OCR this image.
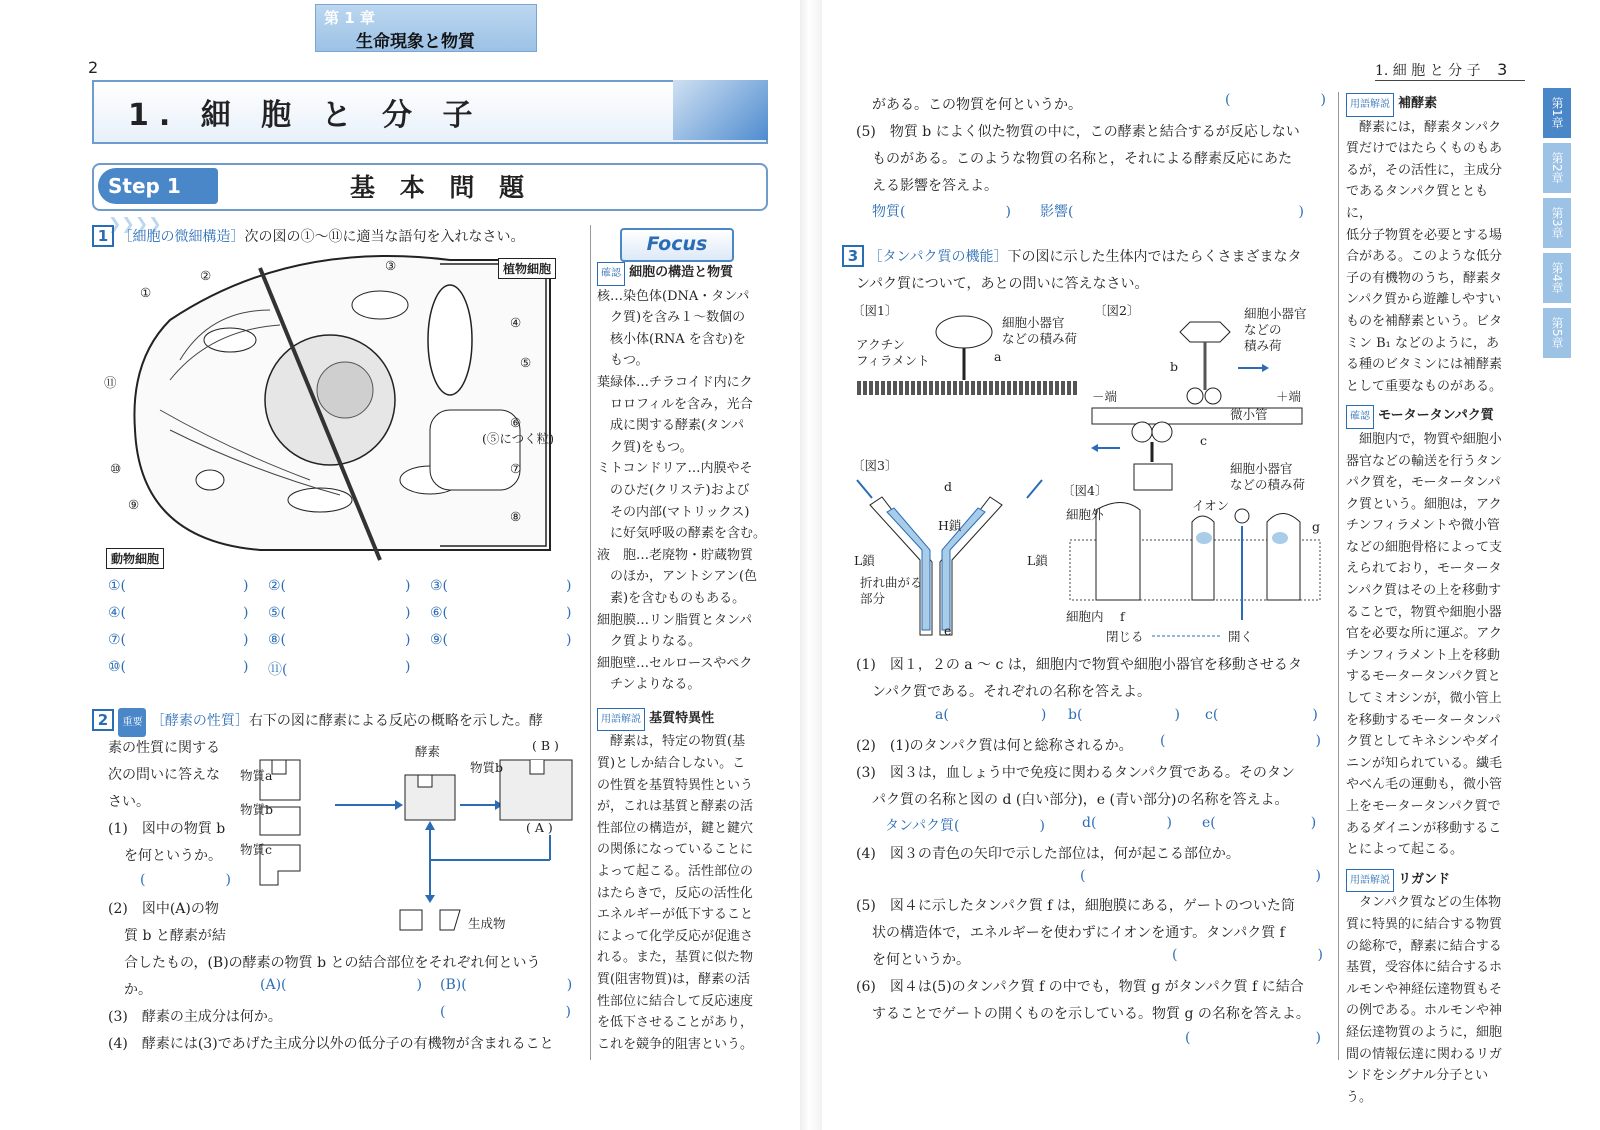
第 1 章
生命現象と物質
2
1. 細 胞 と 分 子
Step 1 ❯❯❯❯
基 本 問 題
1 ［細胞の微細構造］次の図の①～⑪に適当な語句を入れなさい。
植物細胞
動物細胞
①
②
③
④
⑤
⑥
(⑤につく粒)
⑦
⑧
⑨
⑩
⑪
①(	) ②(	) ③(	)
④(	) ⑤(	) ⑥(	)
⑦(	) ⑧(	) ⑨(	)
⑩(	) ⑪(	)
2 重要 ［酵素の性質］右下の図に酵素による反応の概略を示した。酵
素の性質に関する
次の問いに答えな
さい。
(1)　図中の物質 b
を何というか。
(	)
(2)　図中(A)の物
質 b と酵素が結
合したもの，(B)の酵素の物質 b との結合部位をそれぞれ何という
か。	(A)(	) (B)(	)
(3)　酵素の主成分は何か。	(	)
(4)　酵素には(3)であげた主成分以外の低分子の有機物が含まれること
物質a
物質b
物質c
酵素
物質b
( B )
( A )
生成物
Focus
確認 細胞の構造と物質
核…染色体(DNA・タンパ
　ク質)を含み１～数個の
　核小体(RNA を含む)を
　もつ。
葉緑体…チラコイド内にク
　ロロフィルを含み，光合
　成に関する酵素(タンパ
　ク質)をもつ。
ミトコンドリア…内膜やそ
　のひだ(クリステ)および
　その内部(マトリックス)
　に好気呼吸の酵素を含む。
液　胞…老廃物・貯蔵物質
　のほか，アントシアン(色
　素)を含むものもある。
細胞膜…リン脂質とタンパ
　ク質よりなる。
細胞壁…セルロースやペク
　チンよりなる。
用語解説 基質特異性
　酵素は，特定の物質(基
質)としか結合しない。こ
の性質を基質特異性という
が，これは基質と酵素の活
性部位の構造が，鍵と鍵穴
の関係になっていることに
よって起こる。活性部位の
はたらきで，反応の活性化
エネルギーが低下すること
によって化学反応が促進さ
れる。また，基質に似た物
質(阻害物質)は，酵素の活
性部位に結合して反応速度
を低下させることがあり，
これを競争的阻害という。
1. 細 胞 と 分 子 3
がある。この物質を何というか。	(	)
(5)　物質 b によく似た物質の中に，この酵素と結合するが反応しない
ものがある。このような物質の名称と，それによる酵素反応にあた
える影響を答えよ。
物質(	) 影響(	)
3 ［タンパク質の機能］下の図に示した生体内ではたらくさまざまなタ
ンパク質について，あとの問いに答えなさい。
〔図1〕	〔図2〕
〔図3〕
〔図4〕
アクチン
フィラメント
細胞小器官
などの積み荷
a
細胞小器官
などの
積み荷
b
－端	＋端
微小管
c
細胞小器官
などの積み荷
d
H鎖
L鎖	L鎖
折れ曲がる
部分
e
細胞外
細胞内
イオン
f
g
閉じる	開く
(1)　図１，２の a ～ c は，細胞内で物質や細胞小器官を移動させるタ
ンパク質である。それぞれの名称を答えよ。
a(	) b(	) c(	)
(2)　(1)のタンパク質は何と総称されるか。 (	)
(3)　図３は，血しょう中で免疫に関わるタンパク質である。そのタン
パク質の名称と図の d (白い部分)，e (青い部分)の名称を答えよ。
タンパク質(	)	d(	) e(	)
(4)　図３の青色の矢印で示した部位は，何が起こる部位か。
(	)
(5)　図４に示したタンパク質 f は，細胞膜にある，ゲートのついた筒
状の構造体で，エネルギーを使わずにイオンを通す。タンパク質 f
を何というか。	(	)
(6)　図４は(5)のタンパク質 f の中でも，物質 g がタンパク質 f に結合
することでゲートの開くものを示している。物質 g の名称を答えよ。
(	)
用語解説 補酵素
　酵素には，酵素タンパク
質だけではたらくものもあ
るが，その活性に，主成分
であるタンパク質とともに，
低分子物質を必要とする場
合がある。このような低分
子の有機物のうち，酵素タ
ンパク質から遊離しやすい
ものを補酵素という。ビタ
ミン B₁ などのように，あ
る種のビタミンには補酵素
として重要なものがある。
確認 モータータンパク質
　細胞内で，物質や細胞小
器官などの輸送を行うタン
パク質を，モータータンパ
ク質という。細胞は，アク
チンフィラメントや微小管
などの細胞骨格によって支
えられており，モータータ
ンパク質はその上を移動す
ることで，物質や細胞小器
官を必要な所に運ぶ。アク
チンフィラメント上を移動
するモータータンパク質と
してミオシンが，微小管上
を移動するモータータンパ
ク質としてキネシンやダイ
ニンが知られている。繊毛
やべん毛の運動も，微小管
上をモータータンパク質で
あるダイニンが移動するこ
とによって起こる。
用語解説 リガンド
　タンパク質などの生体物
質に特異的に結合する物質
の総称で，酵素に結合する
基質，受容体に結合するホ
ルモンや神経伝達物質もそ
の例である。ホルモンや神
経伝達物質のように，細胞
間の情報伝達に関わるリガ
ンドをシグナル分子という。
第1章
第2章
第3章
第4章
第5章
